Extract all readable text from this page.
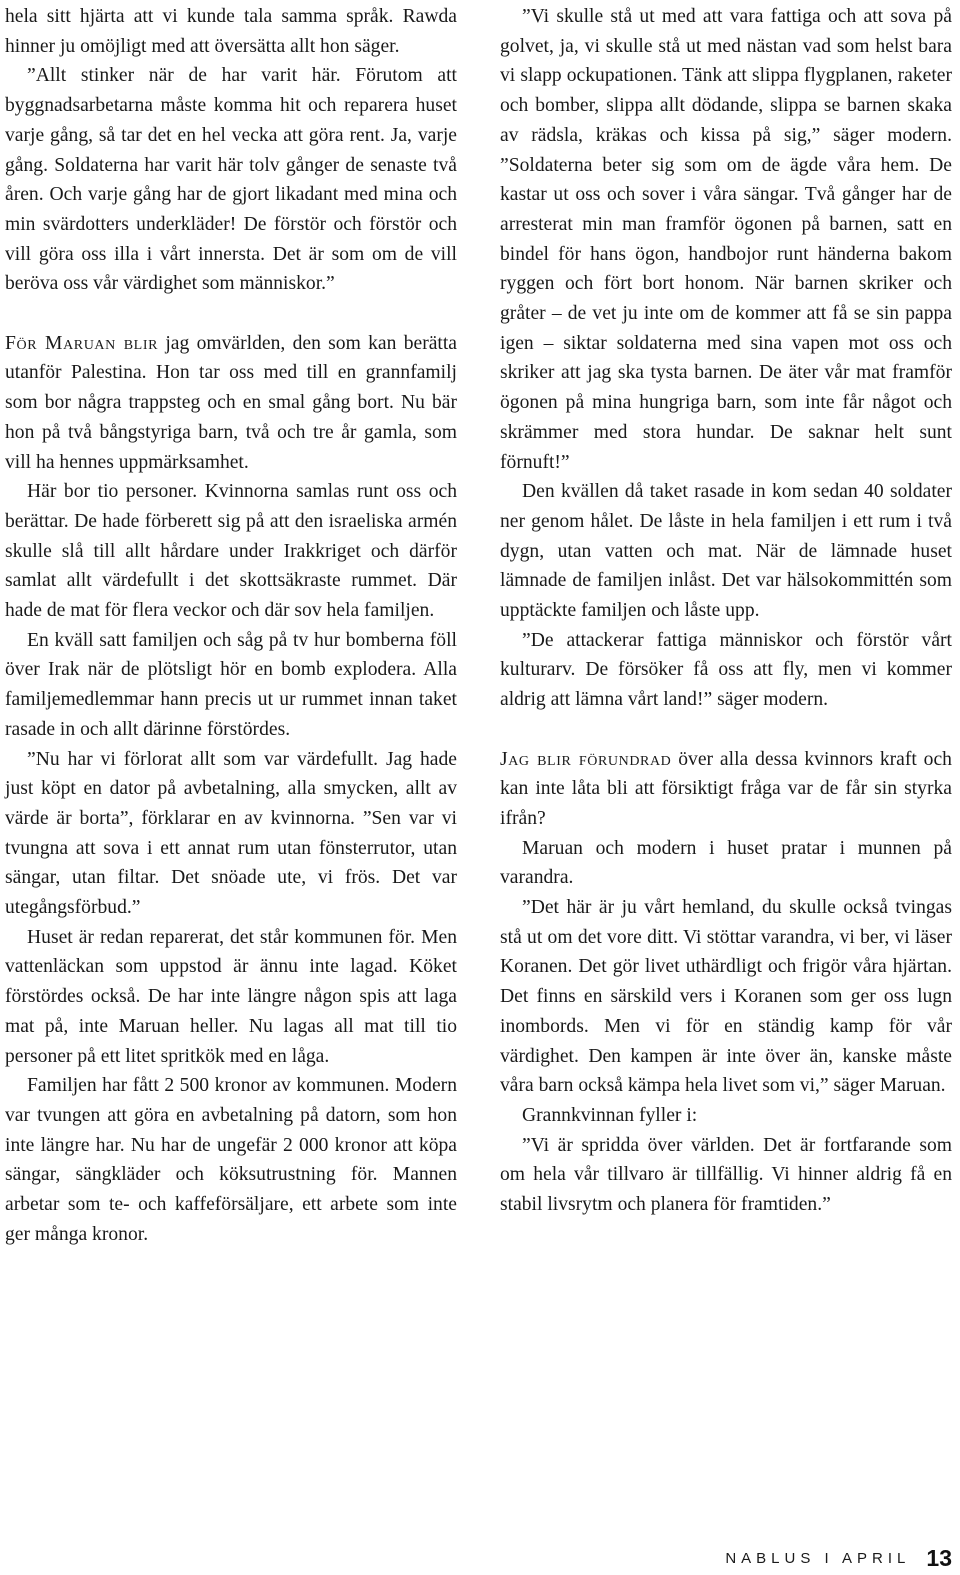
hela sitt hjärta att vi kunde tala samma språk. Rawda hinner ju omöjligt med att översätta allt hon säger.

”Allt stinker när de har varit här. Förutom att byggnadsarbetarna måste komma hit och reparera huset varje gång, så tar det en hel vecka att göra rent. Ja, varje gång. Soldaterna har varit här tolv gånger de senaste två åren. Och varje gång har de gjort likadant med mina och min svärdotters underkläder! De förstör och förstör och vill göra oss illa i vårt innersta. Det är som om de vill beröva oss vår värdighet som människor.”

För Maruan blir jag omvärlden, den som kan berätta utanför Palestina. Hon tar oss med till en grannfamilj som bor några trappsteg och en smal gång bort. Nu bär hon på två bångstyriga barn, två och tre år gamla, som vill ha hennes uppmärksamhet.

Här bor tio personer. Kvinnorna samlas runt oss och berättar. De hade förberett sig på att den israeliska armén skulle slå till allt hårdare under Irakkriget och därför samlat allt värdefullt i det skottsäkraste rummet. Där hade de mat för flera veckor och där sov hela familjen.

En kväll satt familjen och såg på tv hur bomberna föll över Irak när de plötsligt hör en bomb explodera. Alla familjemedlemmar hann precis ut ur rummet innan taket rasade in och allt därinne förstördes.

”Nu har vi förlorat allt som var värdefullt. Jag hade just köpt en dator på avbetalning, alla smycken, allt av värde är borta”, förklarar en av kvinnorna. ”Sen var vi tvungna att sova i ett annat rum utan fönsterrutor, utan sängar, utan filtar. Det snöade ute, vi frös. Det var utegångsförbud.”

Huset är redan reparerat, det står kommunen för. Men vattenläckan som uppstod är ännu inte lagad. Köket förstördes också. De har inte längre någon spis att laga mat på, inte Maruan heller. Nu lagas all mat till tio personer på ett litet spritkök med en låga.

Familjen har fått 2 500 kronor av kommunen. Modern var tvungen att göra en avbetalning på datorn, som hon inte längre har. Nu har de ungefär 2 000 kronor att köpa sängar, sängkläder och köksutrustning för. Mannen arbetar som te- och kaffeförsäljare, ett arbete som inte ger många kronor.

”Vi skulle stå ut med att vara fattiga och att sova på golvet, ja, vi skulle stå ut med nästan vad som helst bara vi slapp ockupationen. Tänk att slippa flygplanen, raketer och bomber, slippa allt dödande, slippa se barnen skaka av rädsla, kräkas och kissa på sig,” säger modern. ”Soldaterna beter sig som om de ägde våra hem. De kastar ut oss och sover i våra sängar. Två gånger har de arresterat min man framför ögonen på barnen, satt en bindel för hans ögon, handbojor runt händerna bakom ryggen och fört bort honom. När barnen skriker och gråter – de vet ju inte om de kommer att få se sin pappa igen – siktar soldaterna med sina vapen mot oss och skriker att jag ska tysta barnen. De äter vår mat framför ögonen på mina hungriga barn, som inte får något och skrämmer med stora hundar. De saknar helt sunt förnuft!”

Den kvällen då taket rasade in kom sedan 40 soldater ner genom hålet. De låste in hela familjen i ett rum i två dygn, utan vatten och mat. När de lämnade huset lämnade de familjen inlåst. Det var hälsokommittén som upptäckte familjen och låste upp.

”De attackerar fattiga människor och förstör vårt kulturarv. De försöker få oss att fly, men vi kommer aldrig att lämna vårt land!” säger modern.

Jag blir förundrad över alla dessa kvinnors kraft och kan inte låta bli att försiktigt fråga var de får sin styrka ifrån?

Maruan och modern i huset pratar i munnen på varandra.

”Det här är ju vårt hemland, du skulle också tvingas stå ut om det vore ditt. Vi stöttar varandra, vi ber, vi läser Koranen. Det gör livet uthärdligt och frigör våra hjärtan. Det finns en särskild vers i Koranen som ger oss lugn inombords. Men vi för en ständig kamp för vår värdighet. Den kampen är inte över än, kanske måste våra barn också kämpa hela livet som vi,” säger Maruan.

Grannkvinnan fyller i:

”Vi är spridda över världen. Det är fortfarande som om hela vår tillvaro är tillfällig. Vi hinner aldrig få en stabil livsrytm och planera för framtiden.”

NABLUS I APRIL 13
